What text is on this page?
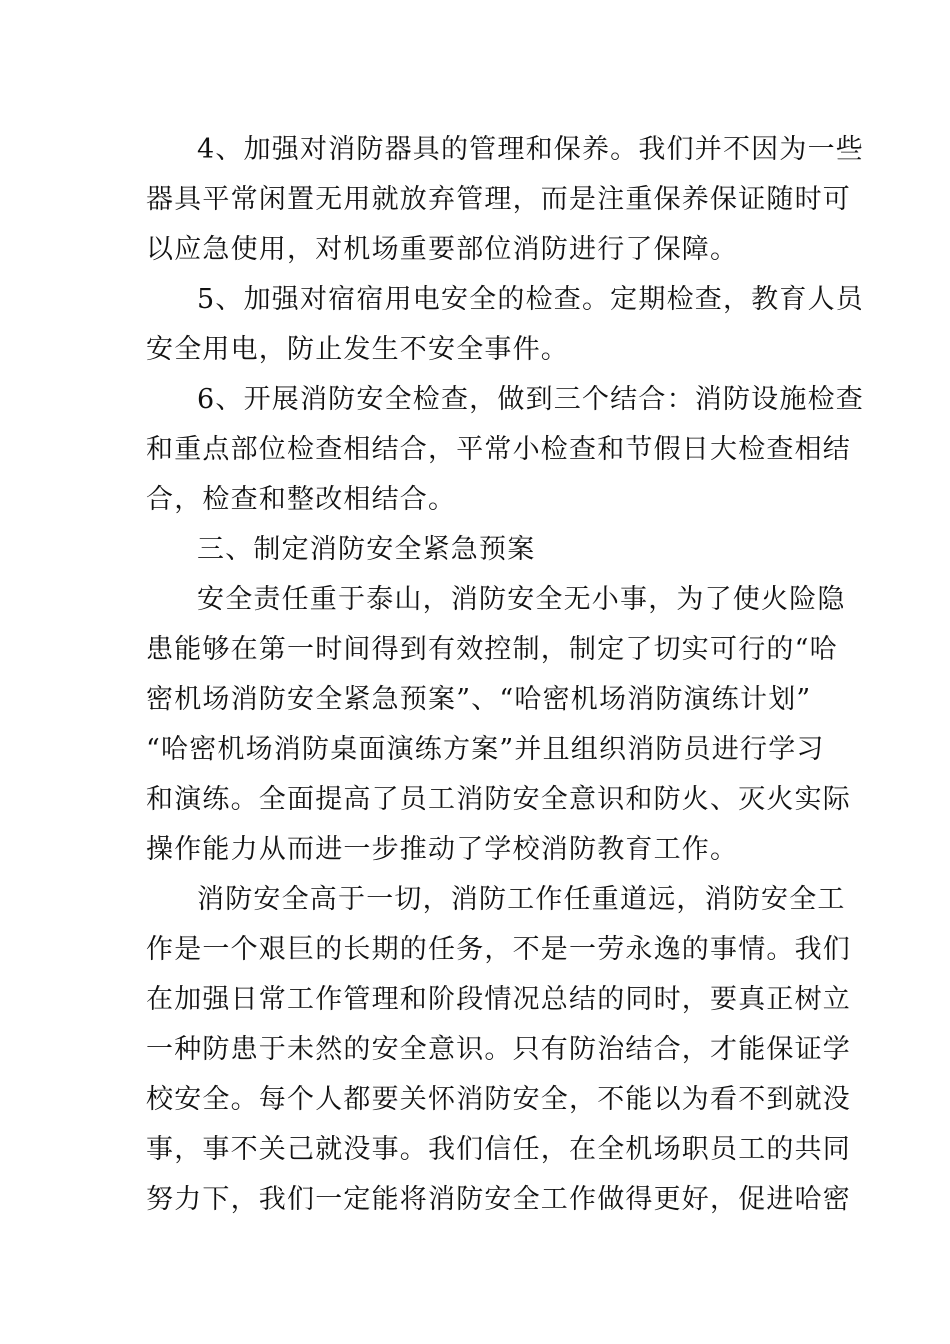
4、加强对消防器具的管理和保养。我们并不因为一些
器具平常闲置无用就放弃管理，而是注重保养保证随时可
以应急使用，对机场重要部位消防进行了保障。
5、加强对宿宿用电安全的检查。定期检查，教育人员
安全用电，防止发生不安全事件。
6、开展消防安全检查，做到三个结合：消防设施检查
和重点部位检查相结合，平常小检查和节假日大检查相结
合，检查和整改相结合。
三、制定消防安全紧急预案
安全责任重于泰山，消防安全无小事，为了使火险隐
患能够在第一时间得到有效控制，制定了切实可行的“哈
密机场消防安全紧急预案”、“哈密机场消防演练计划”
“哈密机场消防桌面演练方案”并且组织消防员进行学习
和演练。全面提高了员工消防安全意识和防火、灭火实际
操作能力从而进一步推动了学校消防教育工作。
消防安全高于一切，消防工作任重道远，消防安全工
作是一个艰巨的长期的任务，不是一劳永逸的事情。我们
在加强日常工作管理和阶段情况总结的同时，要真正树立
一种防患于未然的安全意识。只有防治结合，才能保证学
校安全。每个人都要关怀消防安全，不能以为看不到就没
事，事不关己就没事。我们信任，在全机场职员工的共同
努力下，我们一定能将消防安全工作做得更好，促进哈密
